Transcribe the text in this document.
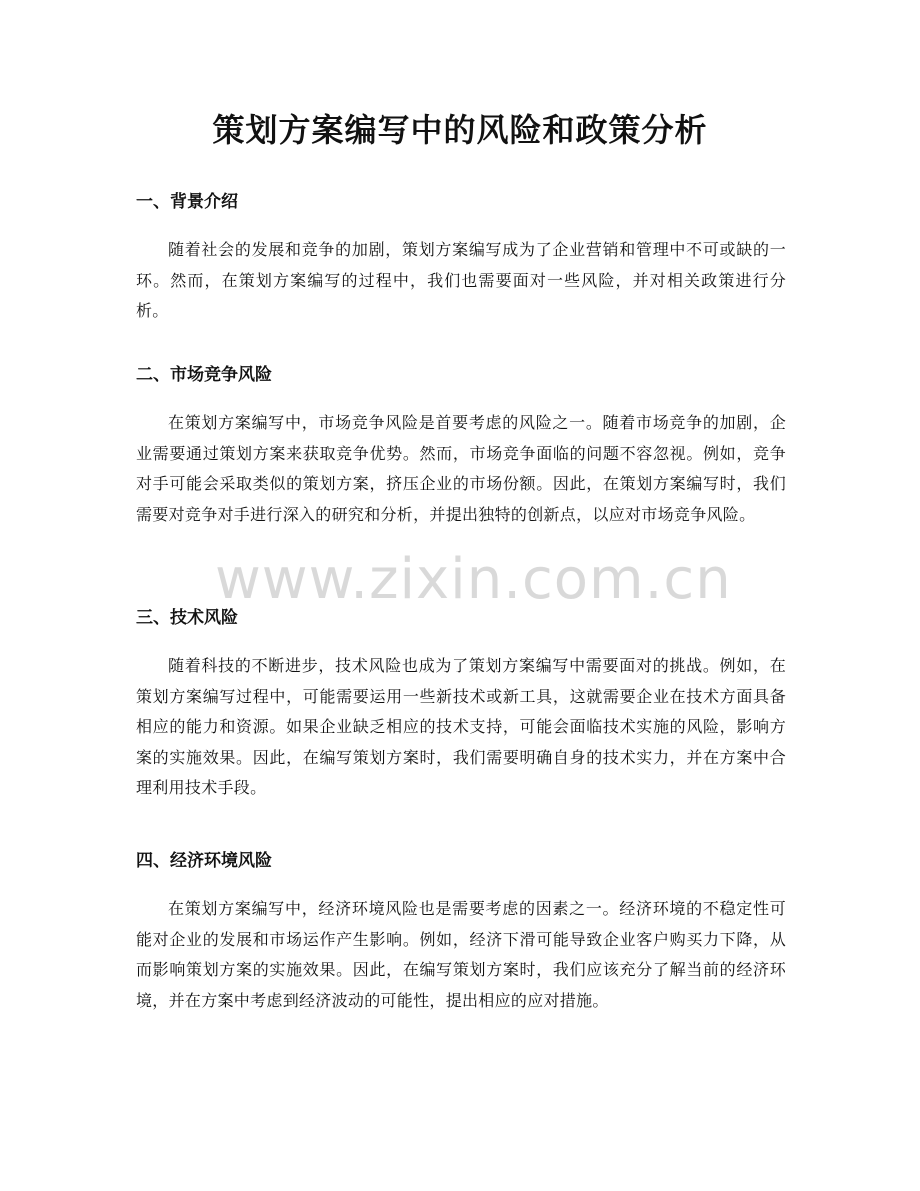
策划方案编写中的风险和政策分析
一、背景介绍

随着社会的发展和竞争的加剧，策划方案编写成为了企业营销和管理中不可或缺的一环。然而，在策划方案编写的过程中，我们也需要面对一些风险，并对相关政策进行分析。

二、市场竞争风险

在策划方案编写中，市场竞争风险是首要考虑的风险之一。随着市场竞争的加剧，企业需要通过策划方案来获取竞争优势。然而，市场竞争面临的问题不容忽视。例如，竞争对手可能会采取类似的策划方案，挤压企业的市场份额。因此，在策划方案编写时，我们需要对竞争对手进行深入的研究和分析，并提出独特的创新点，以应对市场竞争风险。

三、技术风险

随着科技的不断进步，技术风险也成为了策划方案编写中需要面对的挑战。例如，在策划方案编写过程中，可能需要运用一些新技术或新工具，这就需要企业在技术方面具备相应的能力和资源。如果企业缺乏相应的技术支持，可能会面临技术实施的风险，影响方案的实施效果。因此，在编写策划方案时，我们需要明确自身的技术实力，并在方案中合理利用技术手段。

四、经济环境风险

在策划方案编写中，经济环境风险也是需要考虑的因素之一。经济环境的不稳定性可能对企业的发展和市场运作产生影响。例如，经济下滑可能导致企业客户购买力下降，从而影响策划方案的实施效果。因此，在编写策划方案时，我们应该充分了解当前的经济环境，并在方案中考虑到经济波动的可能性，提出相应的应对措施。

www.zixin.com.cn
